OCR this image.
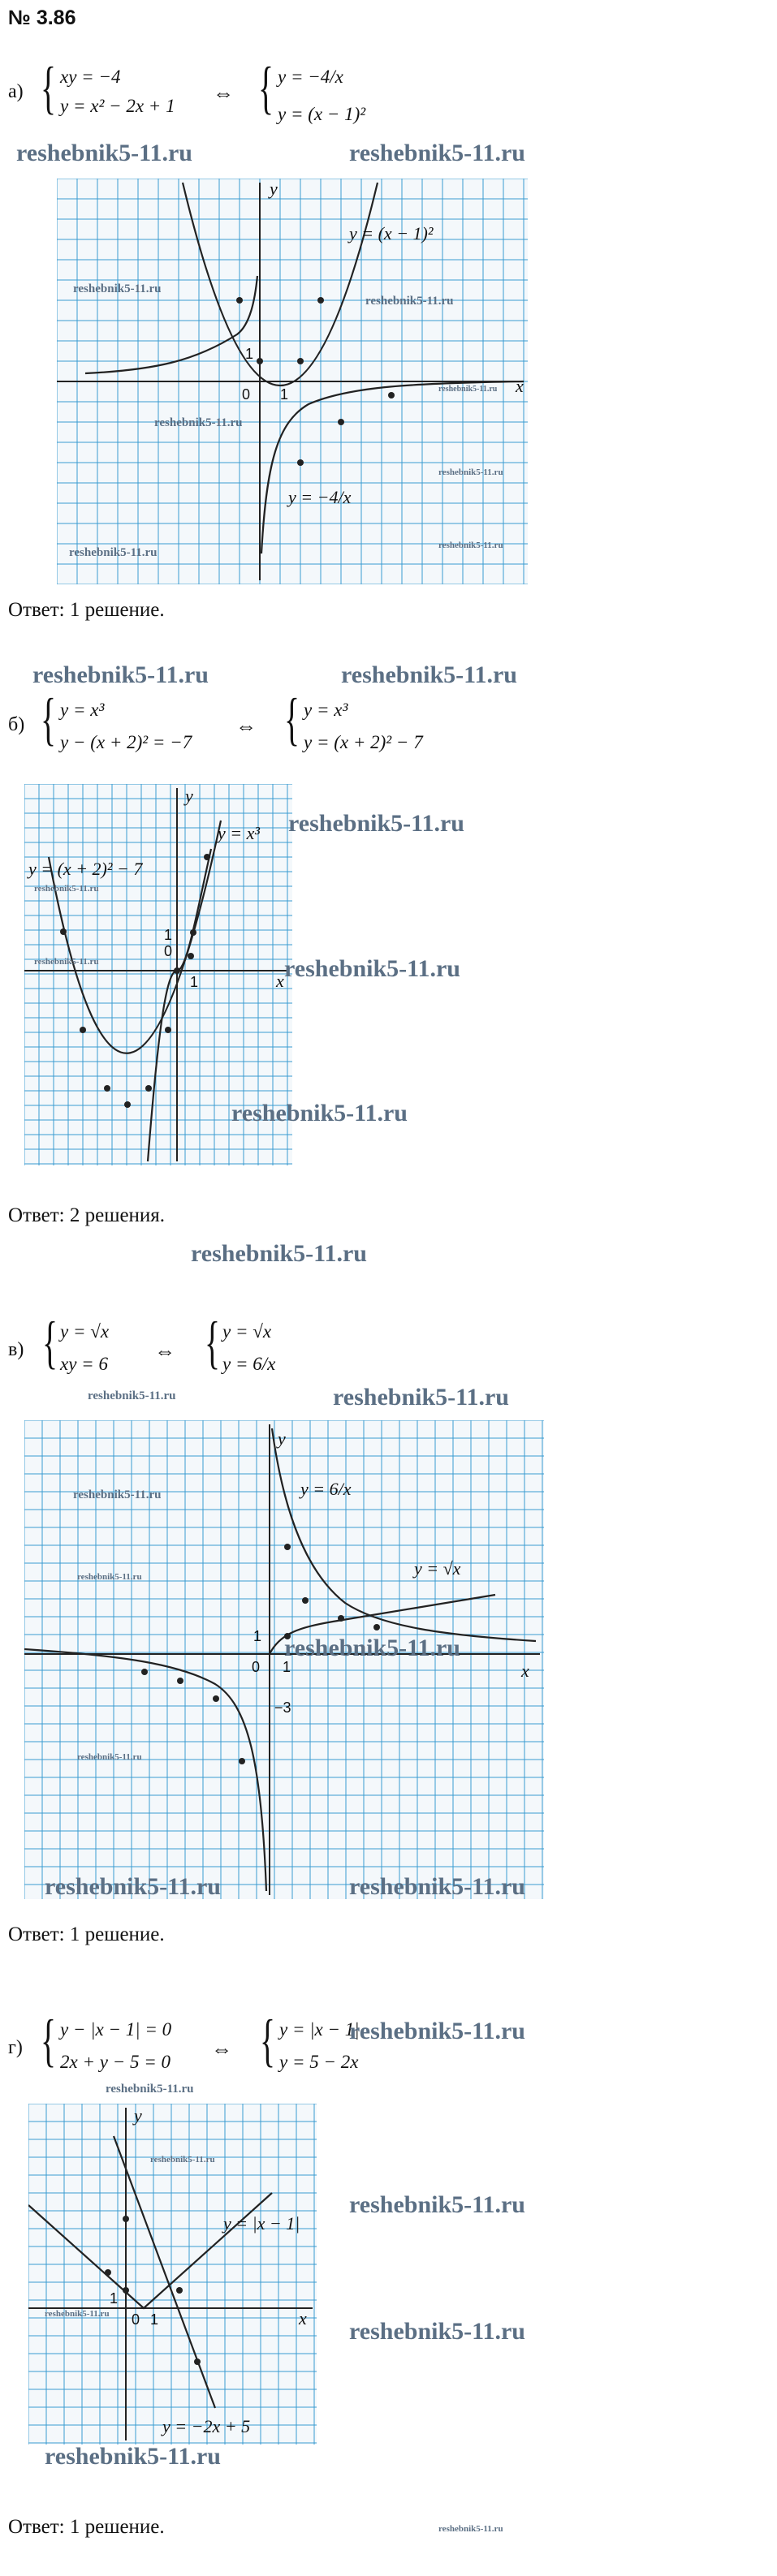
№ 3.86
а) { xy = −4
y = x² − 2x + 1
⇔ { y = −4/x
y = (x − 1)²
reshebnik5-11.ru	reshebnik5-11.ru
0 1
1
x
y
y = (x − 1)²
y = −4/x
reshebnik5-11.ru
reshebnik5-11.ru
reshebnik5-11.ru
reshebnik5-11.ru
reshebnik5-11.ru
reshebnik5-11.ru
reshebnik5-11.ru
Ответ: 1 решение.
reshebnik5-11.ru	reshebnik5-11.ru
б) { y = x³
y − (x + 2)² = −7
⇔ { y = x³
y = (x + 2)² − 7
0
1
1
x
y
y = x³
y = (x + 2)² − 7
reshebnik5-11.ru
reshebnik5-11.ru
reshebnik5-11.ru
reshebnik5-11.ru
reshebnik5-11.ru
Ответ: 2 решения.
reshebnik5-11.ru
в) { y = √x
xy = 6
⇔ { y = √x
y = 6/x
reshebnik5-11.ru	reshebnik5-11.ru
0 1
1
−3
x
y
y = 6/x
y = √x
reshebnik5-11.ru
reshebnik5-11.ru
reshebnik5-11.ru
reshebnik5-11.ru
reshebnik5-11.ru	reshebnik5-11.ru
Ответ: 1 решение.
г) { y − |x − 1| = 0
2x + y − 5 = 0
⇔ { y = |x − 1|
y = 5 − 2x
reshebnik5-11.ru
reshebnik5-11.ru
0 1
1
x
y
y = |x − 1|
y = −2x + 5
reshebnik5-11.ru
reshebnik5-11.ru
reshebnik5-11.ru
reshebnik5-11.ru
reshebnik5-11.ru
reshebnik5-11.ru
Ответ: 1 решение.
